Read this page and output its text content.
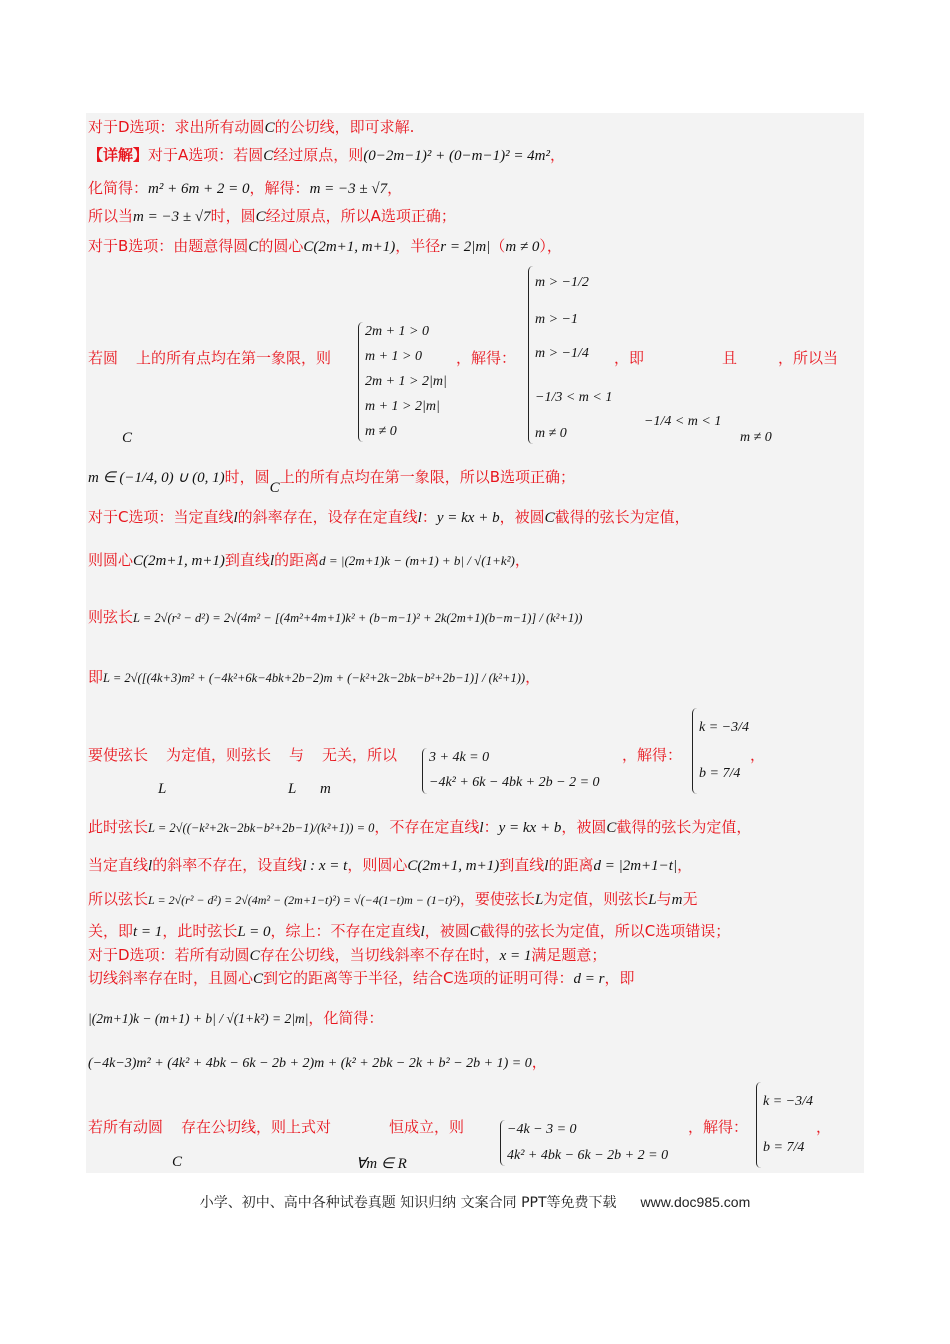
对于D选项：求出所有动圆C的公切线，即可求解.
【详解】对于A选项：若圆C经过原点，则(0−2m−1)² + (0−m−1)² = 4m²，
化简得：m² + 6m + 2 = 0，解得：m = −3 ± √7，
所以当m = −3 ± √7时，圆C经过原点，所以A选项正确；
对于B选项：由题意得圆C的圆心C(2m+1, m+1)，半径r = 2|m|（m ≠ 0），
若圆 上的所有点均在第一象限，则
2m + 1 > 0
m + 1 > 0
2m + 1 > 2|m|
m + 1 > 2|m|
m ≠ 0
，解得：
m > −1/2
m > −1
m > −1/4
−1/3 < m < 1
m ≠ 0
，即	且	，所以当
C
−1/4 < m < 1
m ≠ 0
m ∈ (−1/4, 0) ∪ (0, 1)时，圆C上的所有点均在第一象限，所以B选项正确；
对于C选项：当定直线l的斜率存在，设存在定直线l：y = kx + b，被圆C截得的弦长为定值，
则圆心C(2m+1, m+1)到直线l的距离d = |(2m+1)k − (m+1) + b| / √(1+k²)，
则弦长L = 2√(r² − d²) = 2√(4m² − [(4m²+4m+1)k² + (b−m−1)² + 2k(2m+1)(b−m−1)] / (k²+1))
即L = 2√([(4k+3)m² + (−4k²+6k−4bk+2b−2)m + (−k²+2k−2bk−b²+2b−1)] / (k²+1))，
要使弦长 为定值，则弦长 与 无关，所以 3 + 4k = 0
−4k² + 6k − 4bk + 2b − 2 = 0
，解得：
k = −3/4
b = 7/4
，
L	L m
此时弦长L = 2√((−k²+2k−2bk−b²+2b−1)/(k²+1)) = 0，不存在定直线l：y = kx + b，被圆C截得的弦长为定值，
当定直线l的斜率不存在，设直线l : x = t，则圆心C(2m+1, m+1)到直线l的距离d = |2m+1−t|，
所以弦长L = 2√(r² − d²) = 2√(4m² − (2m+1−t)²) = √(−4(1−t)m − (1−t)²)，要使弦长L为定值，则弦长L与m无
关，即t = 1，此时弦长L = 0，综上：不存在定直线l，被圆C截得的弦长为定值，所以C选项错误；
对于D选项：若所有动圆C存在公切线，当切线斜率不存在时，x = 1满足题意；
切线斜率存在时，且圆心C到它的距离等于半径，结合C选项的证明可得：d = r，即
|(2m+1)k − (m+1) + b| / √(1+k²) = 2|m|，化简得：
(−4k−3)m² + (4k² + 4bk − 6k − 2b + 2)m + (k² + 2bk − 2k + b² − 2b + 1) = 0，
若所有动圆 存在公切线，则上式对	恒成立，则	−4k − 3 = 0
4k² + 4bk − 6k − 2b + 2 = 0
，解得：
k = −3/4
b = 7/4
，
C	∀m ∈ R
小学、初中、高中各种试卷真题 知识归纳 文案合同 PPT等免费下载 www.doc985.com
